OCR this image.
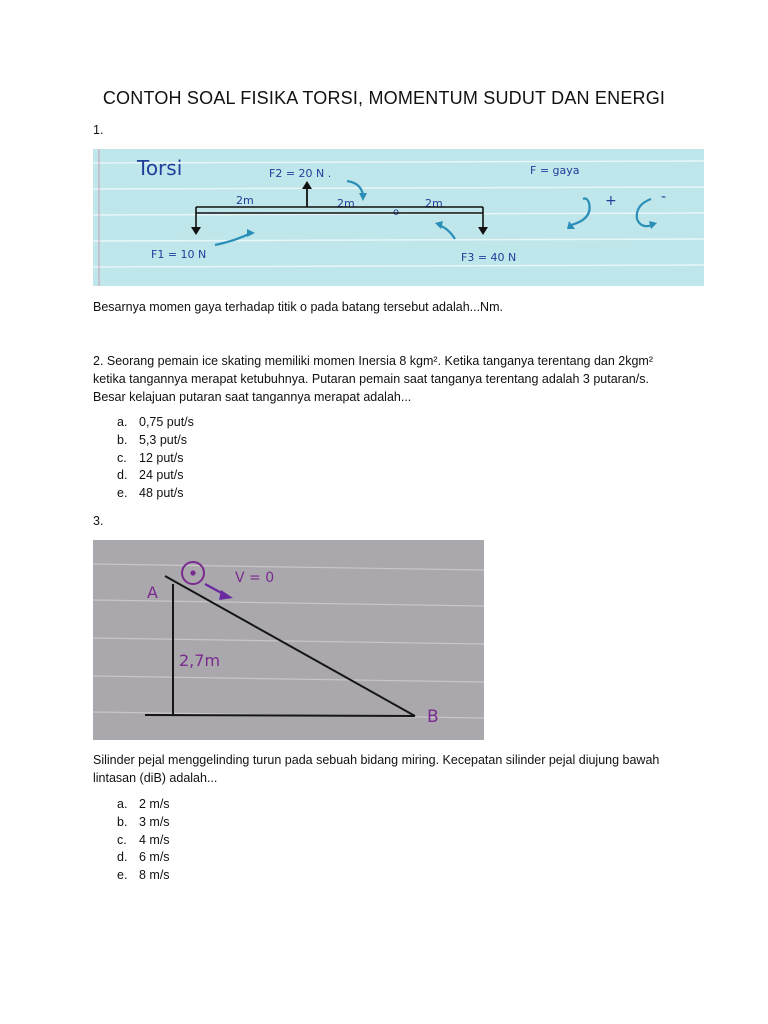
CONTOH SOAL FISIKA TORSI, MOMENTUM SUDUT DAN ENERGI
1.
Torsi	F2 = 20 N .	F = gaya
2m	2m
o
2m
F1 = 10 N	F3 = 40 N
+	-
Besarnya momen gaya terhadap titik o pada batang tersebut adalah...Nm.
2. Seorang pemain ice skating memiliki momen Inersia 8 kgm². Ketika tanganya terentang dan 2kgm² ketika tangannya merapat ketubuhnya. Putaran pemain saat tanganya terentang adalah 3 putaran/s. Besar kelajuan putaran saat tangannya merapat adalah...
a. 0,75 put/s
b. 5,3 put/s
c. 12 put/s
d. 24 put/s
e. 48 put/s
3.
A
B
V = 0
2,7m
Silinder pejal menggelinding turun pada sebuah bidang miring. Kecepatan silinder pejal diujung bawah lintasan (diB) adalah...
a. 2 m/s
b. 3 m/s
c. 4 m/s
d. 6 m/s
e. 8 m/s
